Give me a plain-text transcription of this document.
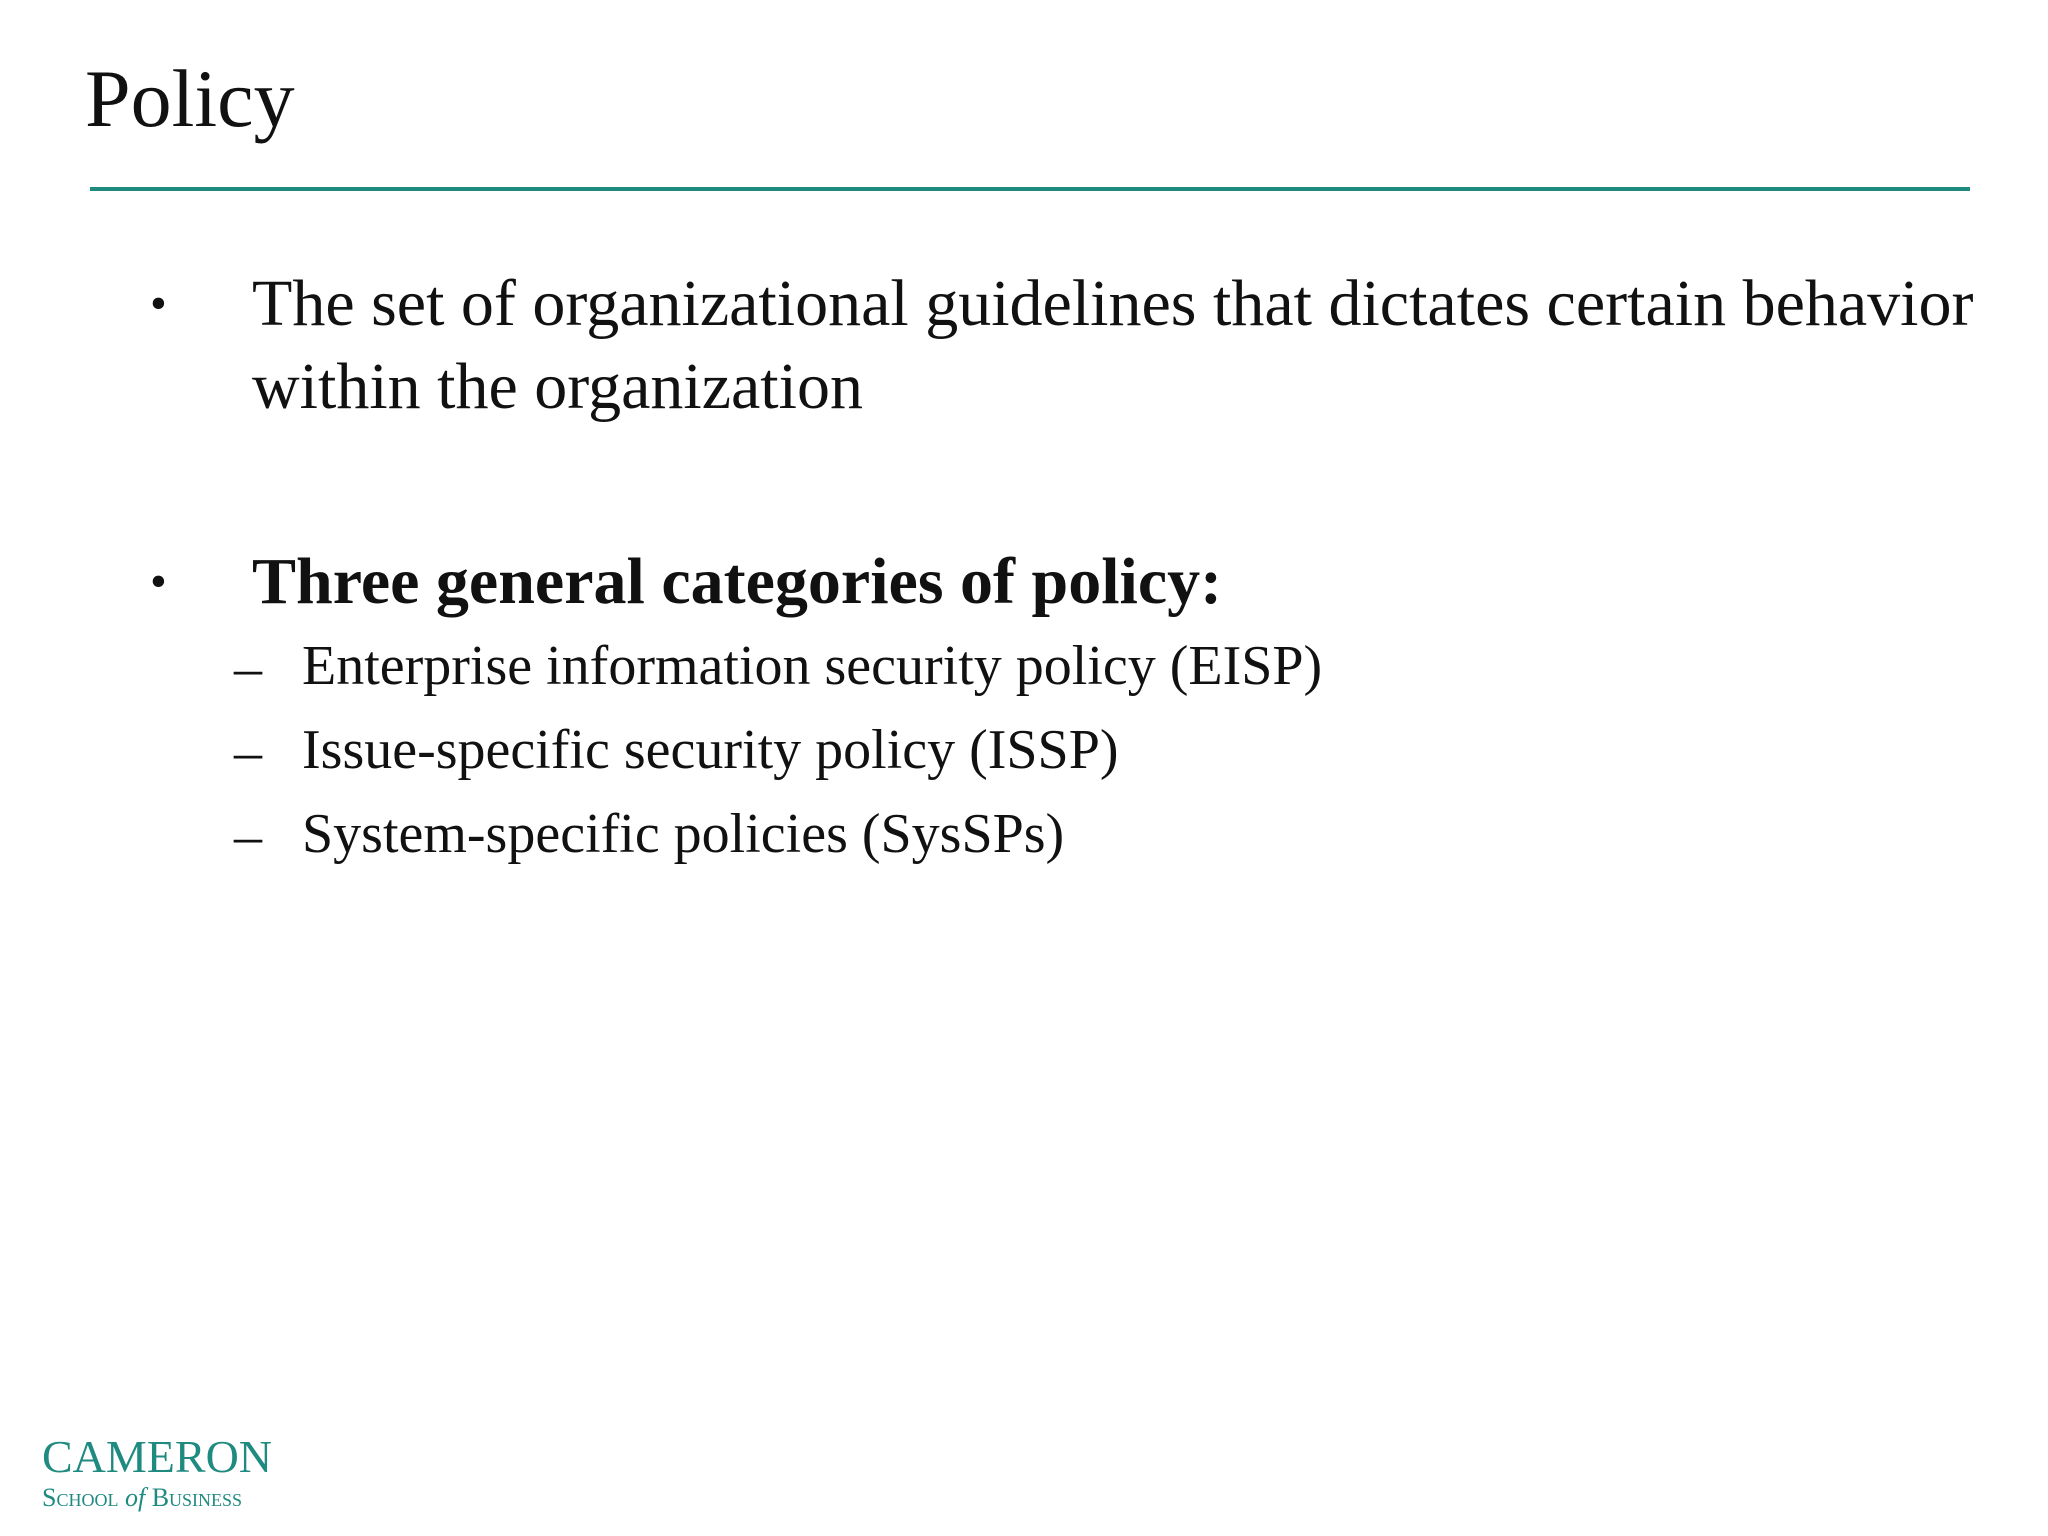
Policy
• The set of organizational guidelines that dictates certain behavior within the organization
• Three general categories of policy:
– Enterprise information security policy (EISP)
– Issue-specific security policy (ISSP)
– System-specific policies (SysSPs)
CAMERON
School of Business
